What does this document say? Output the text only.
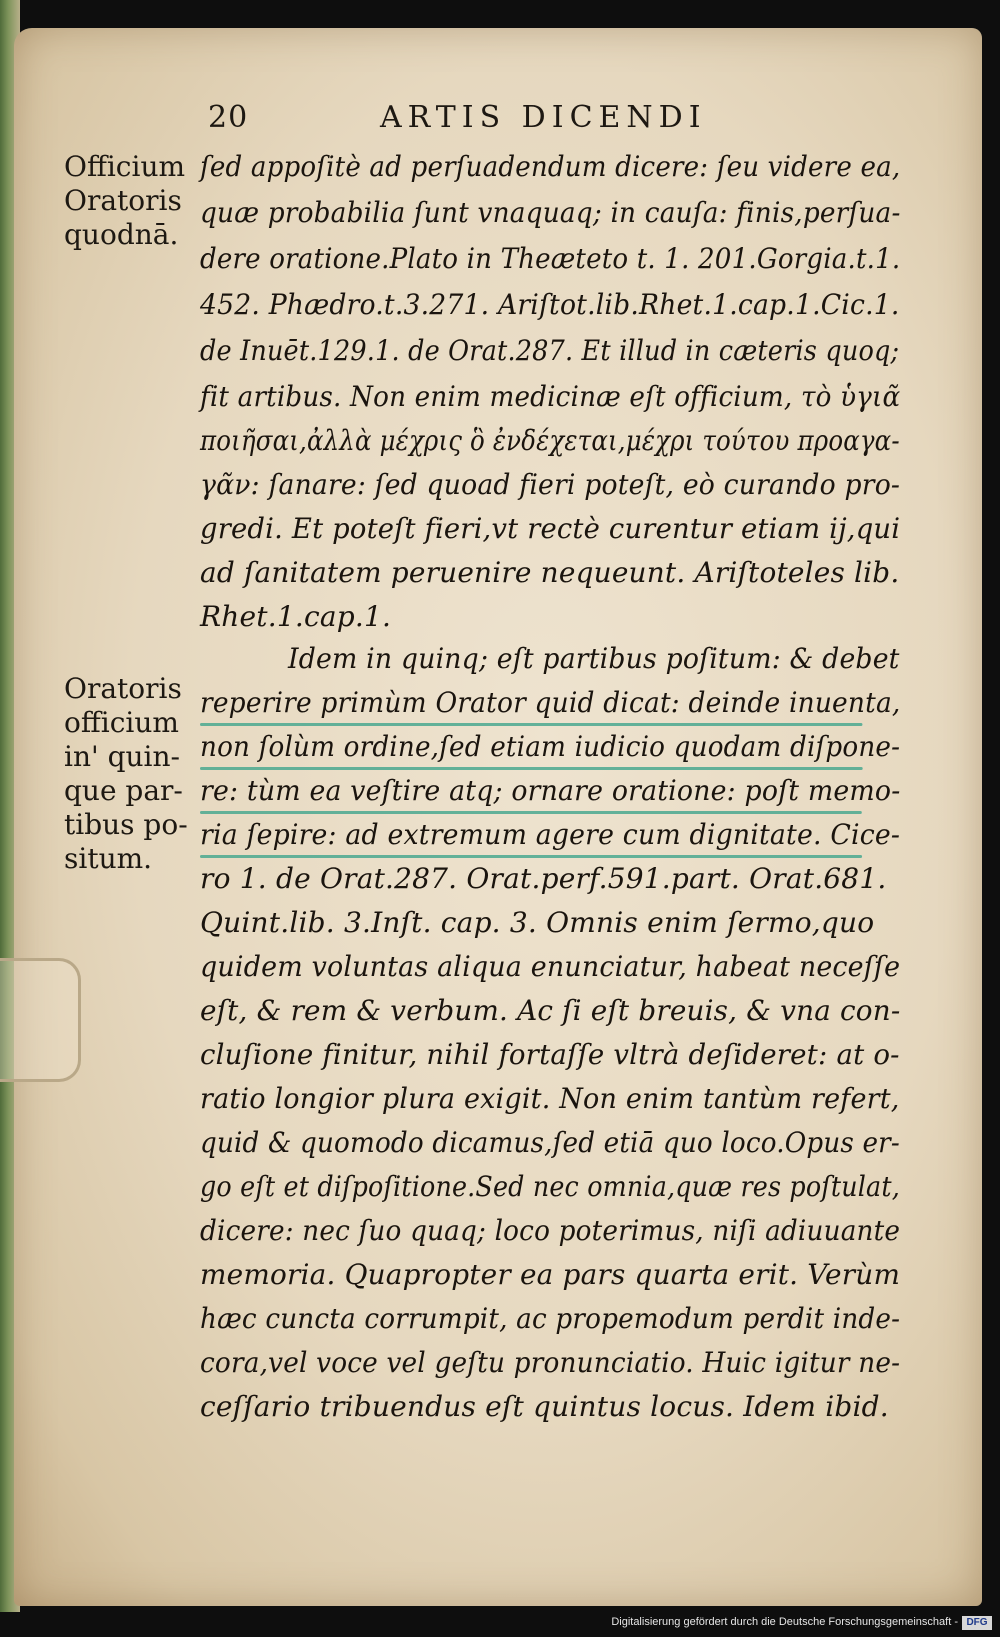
20	ARTIS DICENDI
Officium
Oratoris
quodnā.
Oratoris
officium
in' quin-
que par-
tibus po-
situm.
ſed appoſitè ad perſuadendum dicere: ſeu videre ea,
quæ probabilia ſunt vnaquaq; in cauſa: finis,perſua-
dere oratione.Plato in Theæteto t. 1. 201.Gorgia.t.1.
452. Phædro.t.3.271. Ariſtot.lib.Rhet.1.cap.1.Cic.1.
de Inuēt.129.1. de Orat.287. Et illud in cæteris quoq;
fit artibus. Non enim medicinæ eſt officium, τὸ ὑγιᾶ
ποιῆσαι,ἀλλὰ μέχρις ὃ ἐνδέχεται,μέχρι τούτου προαγα-
γᾶν: ſanare: ſed quoad fieri poteſt, eò curando pro-
gredi. Et poteſt fieri,vt rectè curentur etiam ij,qui
ad ſanitatem peruenire nequeunt. Ariſtoteles lib.
Rhet.1.cap.1.
Idem in quinq; eſt partibus poſitum: & debet
reperire primùm Orator quid dicat: deinde inuenta,
non ſolùm ordine,ſed etiam iudicio quodam diſpone-
re: tùm ea veſtire atq; ornare oratione: poſt memo-
ria ſepire: ad extremum agere cum dignitate. Cice-
ro 1. de Orat.287. Orat.perf.591.part. Orat.681.
Quint.lib. 3.Inſt. cap. 3. Omnis enim ſermo,quo
quidem voluntas aliqua enunciatur, habeat neceſſe
eſt, & rem & verbum. Ac ſi eſt breuis, & vna con-
cluſione finitur, nihil fortaſſe vltrà deſideret: at o-
ratio longior plura exigit. Non enim tantùm refert,
quid & quomodo dicamus,ſed etiā quo loco.Opus er-
go eſt et diſpoſitione.Sed nec omnia,quæ res poſtulat,
dicere: nec ſuo quaq; loco poterimus, niſi adiuuante
memoria. Quapropter ea pars quarta erit. Verùm
hæc cuncta corrumpit, ac propemodum perdit inde-
cora,vel voce vel geſtu pronunciatio. Huic igitur ne-
ceſſario tribuendus eſt quintus locus. Idem ibid.
Digitalisierung gefördert durch die Deutsche Forschungsgemeinschaft - DFG
